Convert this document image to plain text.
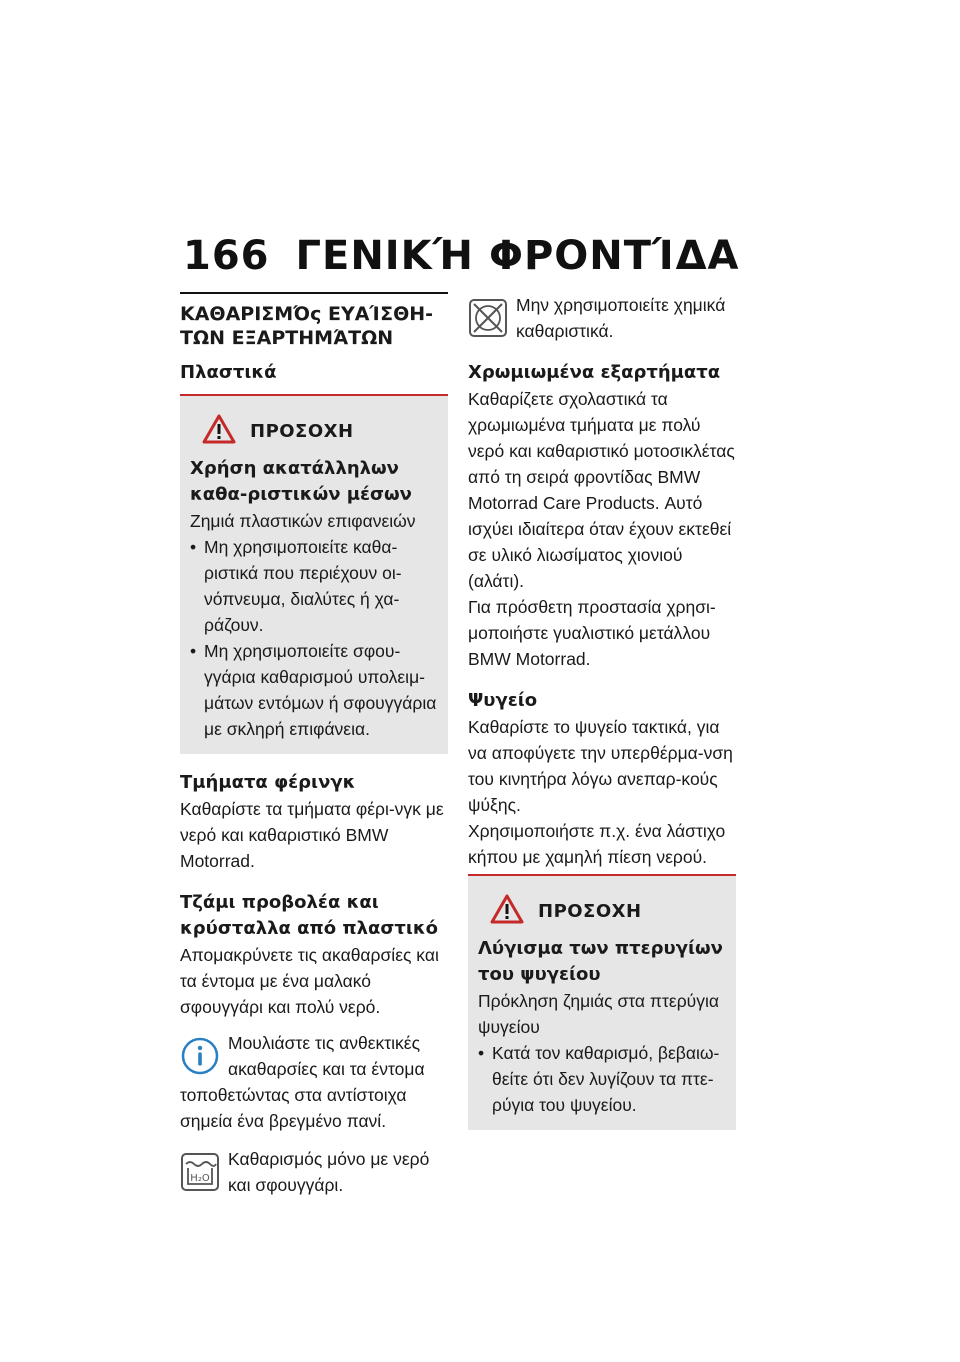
166 ΓΕΝΙΚΉ ΦΡΟΝΤΊΔΑ
ΚΑΘΑΡΙΣΜΌς ΕΥΑΊΣΘΗ-ΤΩΝ ΕΞΑΡΤΗΜΆΤΩΝ
Πλαστικά
ΠΡΟΣΟΧΗ
Χρήση ακατάλληλων καθα-ριστικών μέσων

Ζημιά πλαστικών επιφανειών

• Μη χρησιμοποιείτε καθα-ριστικά που περιέχουν οι-νόπνευμα, διαλύτες ή χα-ράζουν.
• Μη χρησιμοποιείτε σφου-γγάρια καθαρισμού υπολειμ-μάτων εντόμων ή σφουγγάρια με σκληρή επιφάνεια.
Τμήματα φέρινγκ

Καθαρίστε τα τμήματα φέρι-νγκ με νερό και καθαριστικό BMW Motorrad.

Τζάμι προβολέα και κρύσταλλα από πλαστικό

Απομακρύνετε τις ακαθαρσίες και τα έντομα με ένα μαλακό σφουγγάρι και πολύ νερό.

Μουλιάστε τις ανθεκτικές ακαθαρσίες και τα έντομα τοποθετώντας στα αντίστοιχα σημεία ένα βρεγμένο πανί.
H₂O
Καθαρισμός μόνο με νερό και σφουγγάρι.
Μην χρησιμοποιείτε χημικά καθαριστικά.
Χρωμιωμένα εξαρτήματα

Καθαρίζετε σχολαστικά τα χρωμιωμένα τμήματα με πολύ νερό και καθαριστικό μοτοσικλέτας από τη σειρά φροντίδας BMW Motorrad Care Products. Αυτό ισχύει ιδιαίτερα όταν έχουν εκτεθεί σε υλικό λιωσίματος χιονιού (αλάτι).

Για πρόσθετη προστασία χρησι-μοποιήστε γυαλιστικό μετάλλου BMW Motorrad.

Ψυγείο

Καθαρίστε το ψυγείο τακτικά, για να αποφύγετε την υπερθέρμα-νση του κινητήρα λόγω ανεπαρ-κούς ψύξης.

Χρησιμοποιήστε π.χ. ένα λάστιχο κήπου με χαμηλή πίεση νερού.

ΠΡΟΣΟΧΗ
Λύγισμα των πτερυγίων του ψυγείου

Πρόκληση ζημιάς στα πτερύγια ψυγείου

• Κατά τον καθαρισμό, βεβαιω-θείτε ότι δεν λυγίζουν τα πτε-ρύγια του ψυγείου.
